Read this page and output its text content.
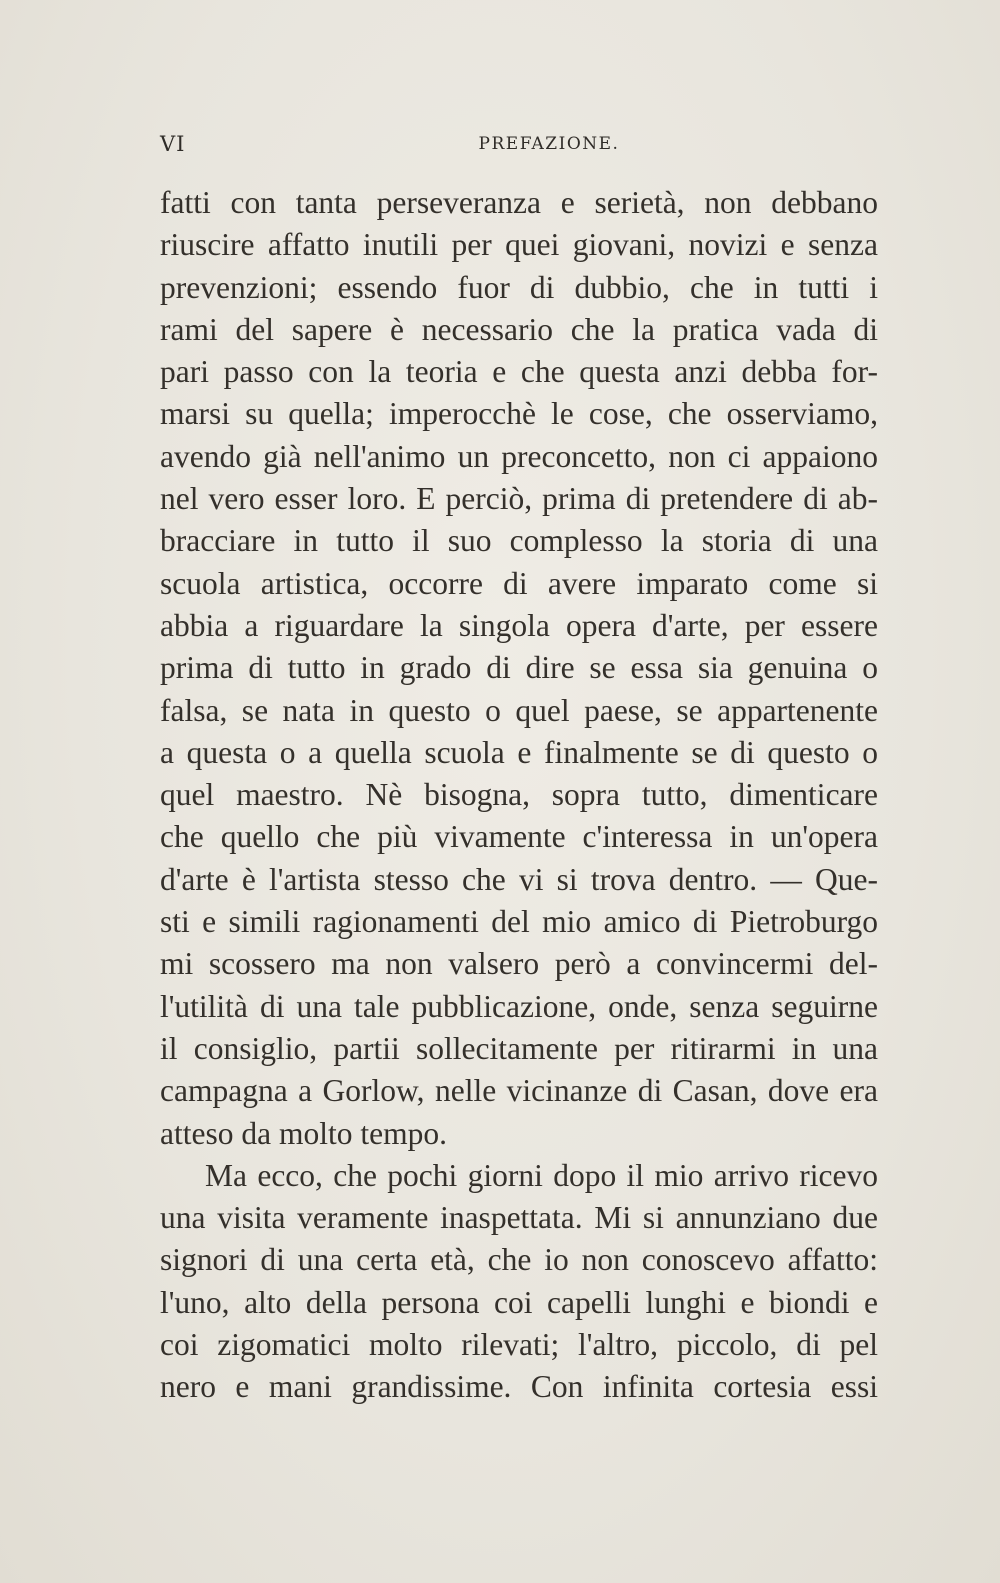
VI	PREFAZIONE.
fatti con tanta perseveranza e serietà, non debbano
riuscire affatto inutili per quei giovani, novizi e senza
prevenzioni; essendo fuor di dubbio, che in tutti i
rami del sapere è necessario che la pratica vada di
pari passo con la teoria e che questa anzi debba for-
marsi su quella; imperocchè le cose, che osserviamo,
avendo già nell'animo un preconcetto, non ci appaiono
nel vero esser loro. E perciò, prima di pretendere di ab-
bracciare in tutto il suo complesso la storia di una
scuola artistica, occorre di avere imparato come si
abbia a riguardare la singola opera d'arte, per essere
prima di tutto in grado di dire se essa sia genuina o
falsa, se nata in questo o quel paese, se appartenente
a questa o a quella scuola e finalmente se di questo o
quel maestro. Nè bisogna, sopra tutto, dimenticare
che quello che più vivamente c'interessa in un'opera
d'arte è l'artista stesso che vi si trova dentro. — Que-
sti e simili ragionamenti del mio amico di Pietroburgo
mi scossero ma non valsero però a convincermi del-
l'utilità di una tale pubblicazione, onde, senza seguirne
il consiglio, partii sollecitamente per ritirarmi in una
campagna a Gorlow, nelle vicinanze di Casan, dove era
atteso da molto tempo.
Ma ecco, che pochi giorni dopo il mio arrivo ricevo
una visita veramente inaspettata. Mi si annunziano due
signori di una certa età, che io non conoscevo affatto:
l'uno, alto della persona coi capelli lunghi e biondi e
coi zigomatici molto rilevati; l'altro, piccolo, di pel
nero e mani grandissime. Con infinita cortesia essi
